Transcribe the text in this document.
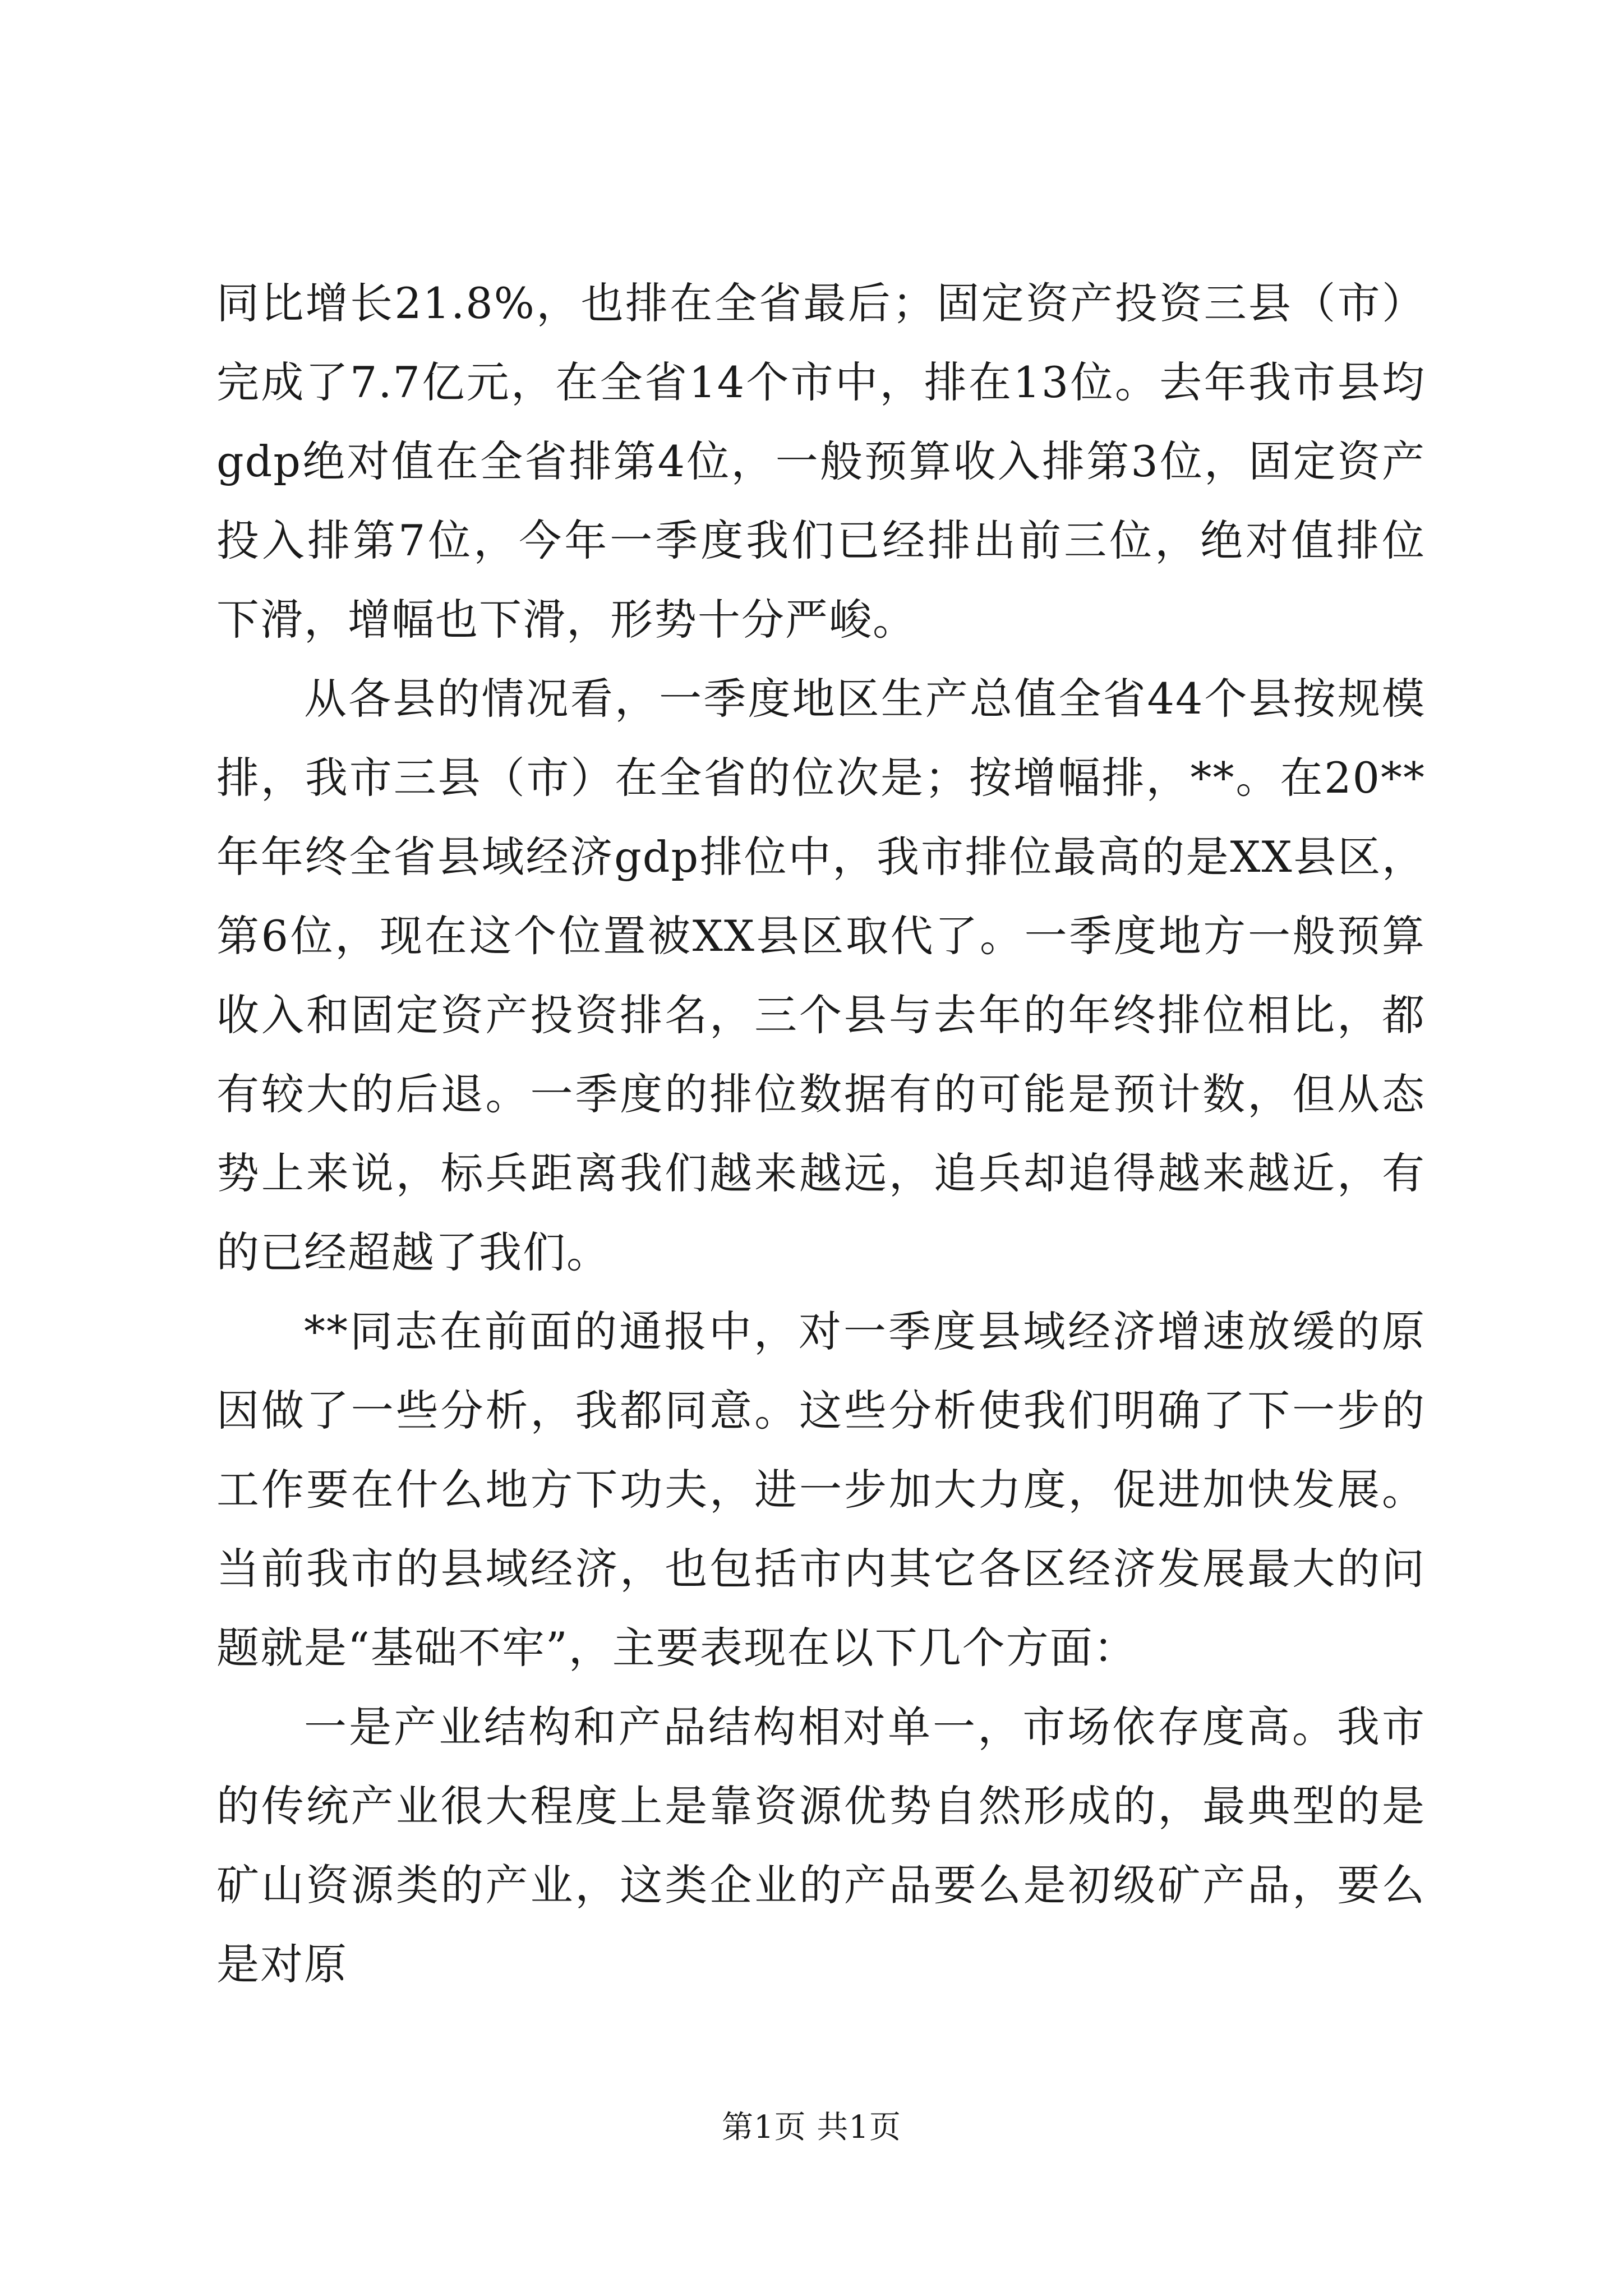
同比增长21.8%，也排在全省最后；固定资产投资三县（市）完成了7.7亿元，在全省14个市中，排在13位。去年我市县均gdp绝对值在全省排第4位，一般预算收入排第3位，固定资产投入排第7位，今年一季度我们已经排出前三位，绝对值排位下滑，增幅也下滑，形势十分严峻。

从各县的情况看，一季度地区生产总值全省44个县按规模排，我市三县（市）在全省的位次是；按增幅排，**。在20**年年终全省县域经济gdp排位中，我市排位最高的是XX县区，第6位，现在这个位置被XX县区取代了。一季度地方一般预算收入和固定资产投资排名，三个县与去年的年终排位相比，都有较大的后退。一季度的排位数据有的可能是预计数，但从态势上来说，标兵距离我们越来越远，追兵却追得越来越近，有的已经超越了我们。

**同志在前面的通报中，对一季度县域经济增速放缓的原因做了一些分析，我都同意。这些分析使我们明确了下一步的工作要在什么地方下功夫，进一步加大力度，促进加快发展。当前我市的县域经济，也包括市内其它各区经济发展最大的问题就是“基础不牢”，主要表现在以下几个方面：

一是产业结构和产品结构相对单一，市场依存度高。我市的传统产业很大程度上是靠资源优势自然形成的，最典型的是矿山资源类的产业，这类企业的产品要么是初级矿产品，要么是对原

第1页 共1页
